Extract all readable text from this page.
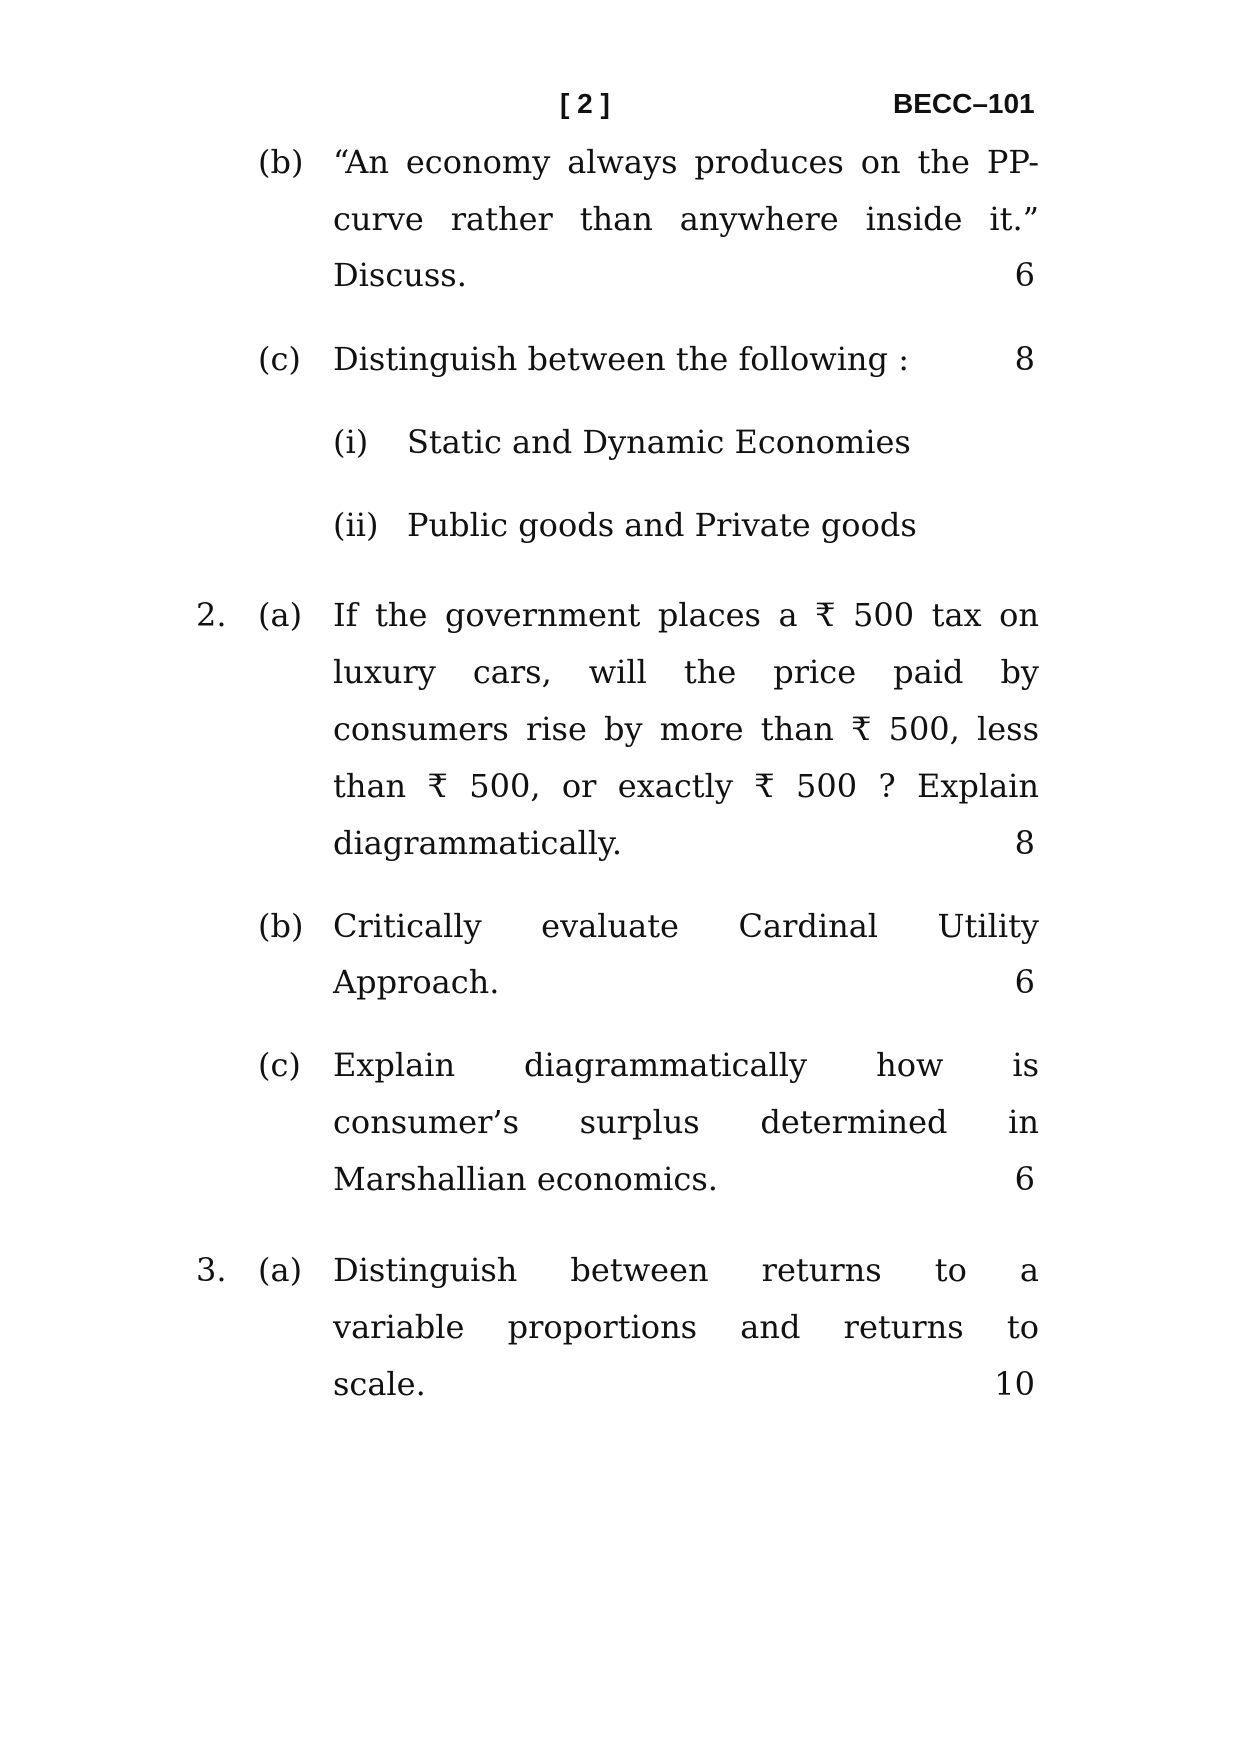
[ 2 ]	BECC–101
(b) “An economy always produces on the PP-
curve rather than anywhere inside it.”
Discuss.	6
(c) Distinguish between the following :	8
(i) Static and Dynamic Economies
(ii) Public goods and Private goods
2. (a) If the government places a ₹ 500 tax on
luxury cars, will the price paid by
consumers rise by more than ₹ 500, less
than ₹ 500, or exactly ₹ 500 ? Explain
diagrammatically.	8
(b) Critically evaluate Cardinal Utility
Approach.	6
(c) Explain diagrammatically how is
consumer’s surplus determined in
Marshallian economics.	6
3. (a) Distinguish between returns to a
variable proportions and returns to
scale.	10
